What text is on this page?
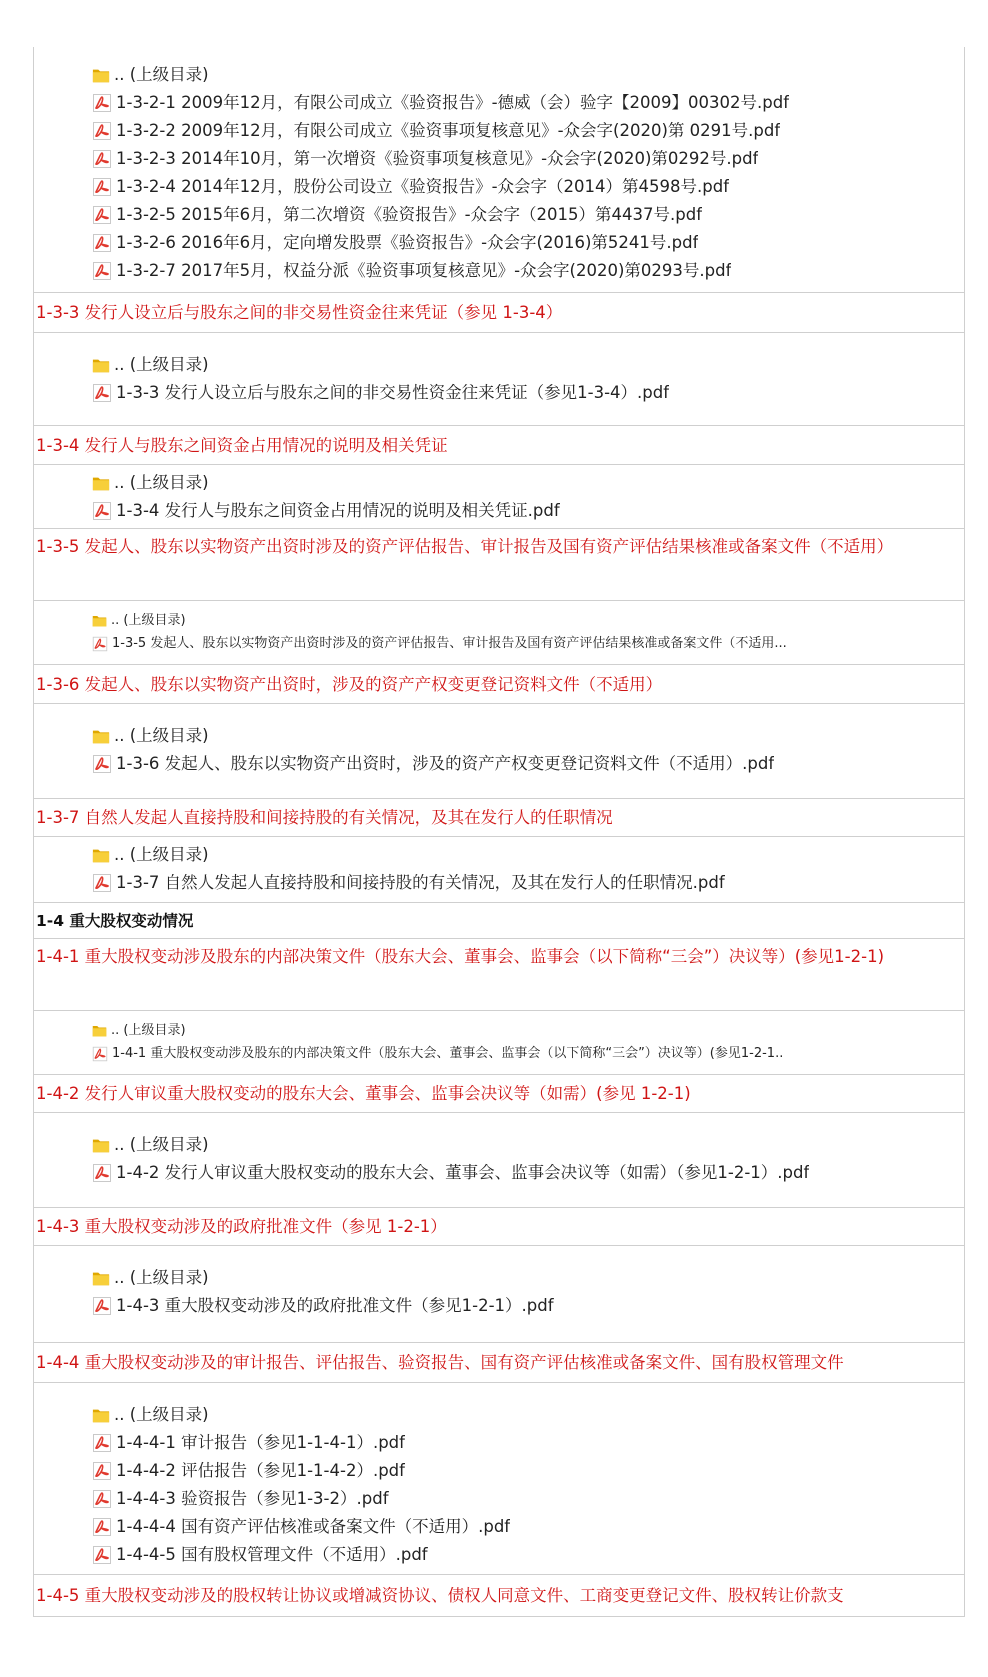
.. (上级目录)
1-3-2-1 2009年12月，有限公司成立《验资报告》-德威（会）验字【2009】00302号.pdf
1-3-2-2 2009年12月，有限公司成立《验资事项复核意见》-众会字(2020)第 0291号.pdf
1-3-2-3 2014年10月，第一次增资《验资事项复核意见》-众会字(2020)第0292号.pdf
1-3-2-4 2014年12月，股份公司设立《验资报告》-众会字（2014）第4598号.pdf
1-3-2-5 2015年6月，第二次增资《验资报告》-众会字（2015）第4437号.pdf
1-3-2-6 2016年6月，定向增发股票《验资报告》-众会字(2016)第5241号.pdf
1-3-2-7 2017年5月，权益分派《验资事项复核意见》-众会字(2020)第0293号.pdf
1-3-3 发行人设立后与股东之间的非交易性资金往来凭证（参见 1-3-4）
.. (上级目录)
1-3-3 发行人设立后与股东之间的非交易性资金往来凭证（参见1-3-4）.pdf
1-3-4 发行人与股东之间资金占用情况的说明及相关凭证
.. (上级目录)
1-3-4 发行人与股东之间资金占用情况的说明及相关凭证.pdf
1-3-5 发起人、股东以实物资产出资时涉及的资产评估报告、审计报告及国有资产评估结果核准或备案文件（不适用）
.. (上级目录)
1-3-5 发起人、股东以实物资产出资时涉及的资产评估报告、审计报告及国有资产评估结果核准或备案文件（不适用...
1-3-6 发起人、股东以实物资产出资时，涉及的资产产权变更登记资料文件（不适用）
.. (上级目录)
1-3-6 发起人、股东以实物资产出资时，涉及的资产产权变更登记资料文件（不适用）.pdf
1-3-7 自然人发起人直接持股和间接持股的有关情况，及其在发行人的任职情况
.. (上级目录)
1-3-7 自然人发起人直接持股和间接持股的有关情况，及其在发行人的任职情况.pdf
1-4 重大股权变动情况
1-4-1 重大股权变动涉及股东的内部决策文件（股东大会、董事会、监事会（以下简称“三会”）决议等）(参见1-2-1)
.. (上级目录)
1-4-1 重大股权变动涉及股东的内部决策文件（股东大会、董事会、监事会（以下简称“三会”）决议等）(参见1-2-1..
1-4-2 发行人审议重大股权变动的股东大会、董事会、监事会决议等（如需）(参见 1-2-1)
.. (上级目录)
1-4-2 发行人审议重大股权变动的股东大会、董事会、监事会决议等（如需）（参见1-2-1）.pdf
1-4-3 重大股权变动涉及的政府批准文件（参见 1-2-1）
.. (上级目录)
1-4-3 重大股权变动涉及的政府批准文件（参见1-2-1）.pdf
1-4-4 重大股权变动涉及的审计报告、评估报告、验资报告、国有资产评估核准或备案文件、国有股权管理文件
.. (上级目录)
1-4-4-1 审计报告（参见1-1-4-1）.pdf
1-4-4-2 评估报告（参见1-1-4-2）.pdf
1-4-4-3 验资报告（参见1-3-2）.pdf
1-4-4-4 国有资产评估核准或备案文件（不适用）.pdf
1-4-4-5 国有股权管理文件（不适用）.pdf
1-4-5 重大股权变动涉及的股权转让协议或增减资协议、债权人同意文件、工商变更登记文件、股权转让价款支
